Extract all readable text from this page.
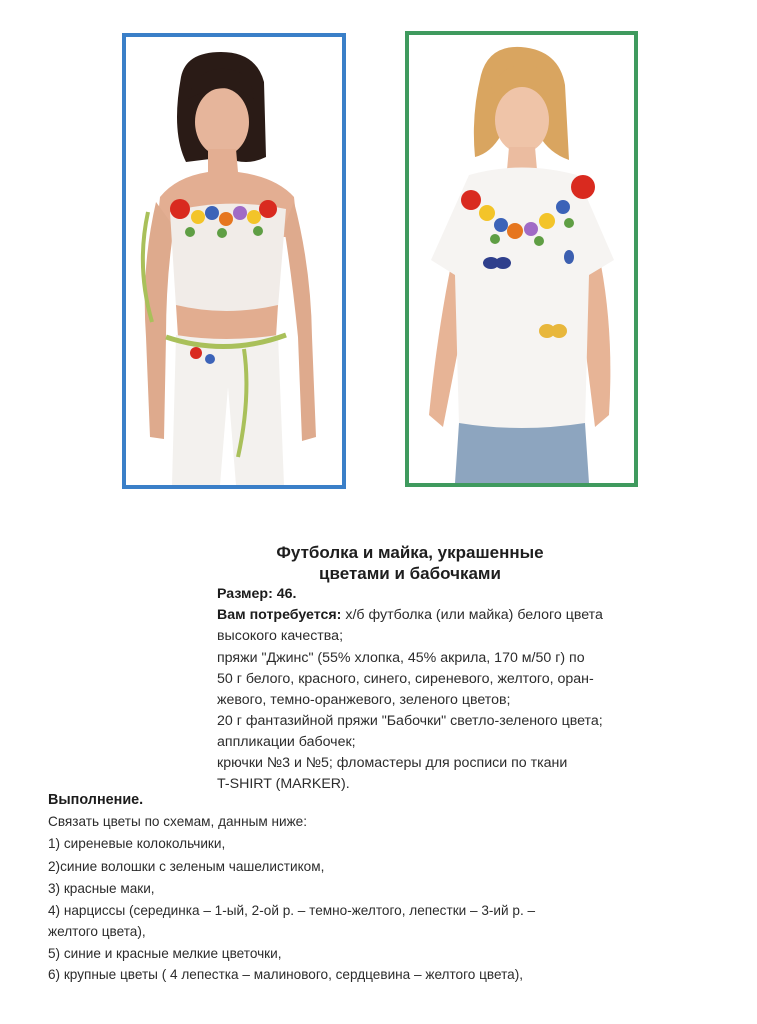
Футболка и майка, украшенные
цветами и бабочками
Размер: 46.
Вам потребуется: х/б футболка (или майка) белого цвета
высокого качества;
пряжи "Джинс" (55% хлопка, 45% акрила, 170 м/50 г) по
50 г белого, красного, синего, сиреневого, желтого, оран-
жевого, темно-оранжевого, зеленого цветов;
20 г фантазийной пряжи "Бабочки" светло-зеленого цвета;
аппликации бабочек;
крючки №3 и №5; фломастеры для росписи по ткани
T-SHIRT (MARKER).
Выполнение.
Связать цветы по схемам, данным ниже:
1) сиреневые колокольчики,
2)синие волошки с зеленым чашелистиком,
3) красные маки,
4) нарциссы (серединка – 1-ый, 2-ой р. – темно-желтого, лепестки – 3-ий р. –
желтого цвета),
5) синие и красные мелкие цветочки,
6) крупные цветы ( 4 лепестка – малинового, сердцевина – желтого цвета),
